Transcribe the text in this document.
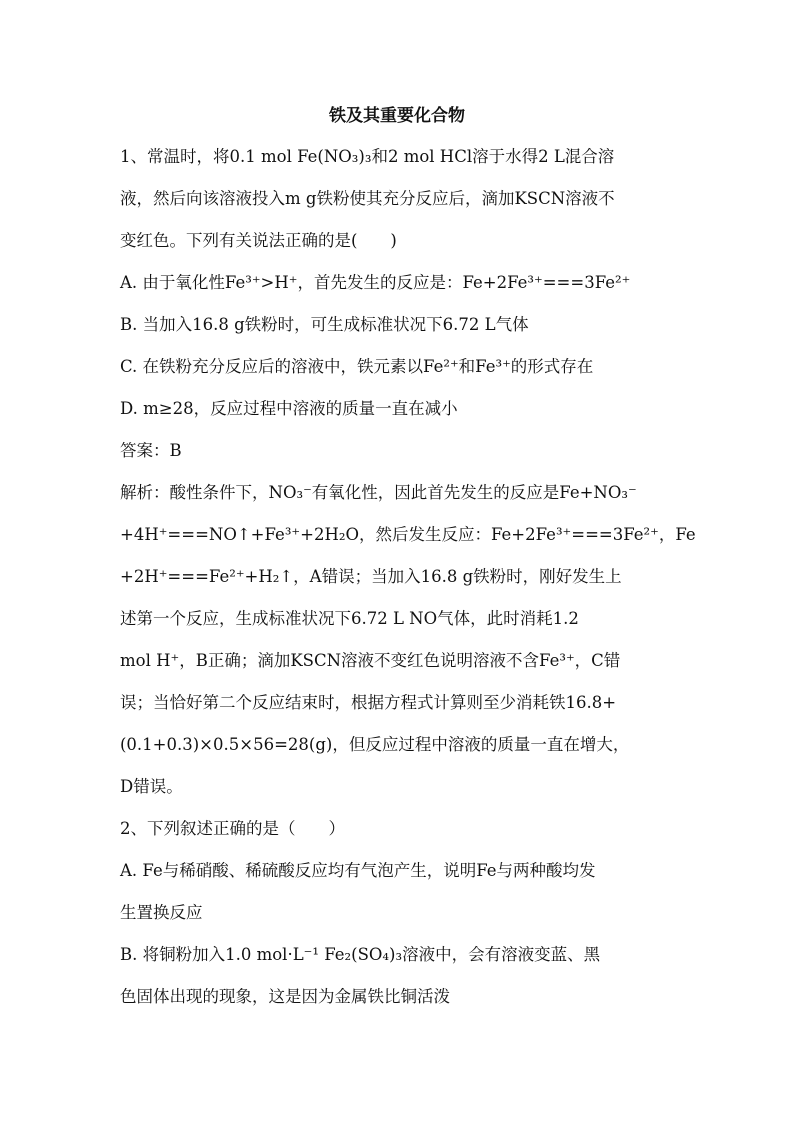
铁及其重要化合物
1、常温时，将0.1 mol Fe(NO₃)₃和2 mol HCl溶于水得2 L混合溶
液，然后向该溶液投入m g铁粉使其充分反应后，滴加KSCN溶液不
变红色。下列有关说法正确的是(　　)
A. 由于氧化性Fe³⁺>H⁺，首先发生的反应是：Fe+2Fe³⁺===3Fe²⁺
B. 当加入16.8 g铁粉时，可生成标准状况下6.72 L气体
C. 在铁粉充分反应后的溶液中，铁元素以Fe²⁺和Fe³⁺的形式存在
D. m≥28，反应过程中溶液的质量一直在减小
答案：B
解析：酸性条件下，NO₃⁻有氧化性，因此首先发生的反应是Fe+NO₃⁻
+4H⁺===NO↑+Fe³⁺+2H₂O，然后发生反应：Fe+2Fe³⁺===3Fe²⁺，Fe
+2H⁺===Fe²⁺+H₂↑，A错误；当加入16.8 g铁粉时，刚好发生上
述第一个反应，生成标准状况下6.72 L NO气体，此时消耗1.2
mol H⁺，B正确；滴加KSCN溶液不变红色说明溶液不含Fe³⁺，C错
误；当恰好第二个反应结束时，根据方程式计算则至少消耗铁16.8+
(0.1+0.3)×0.5×56=28(g)，但反应过程中溶液的质量一直在增大，
D错误。
2、下列叙述正确的是（　　）
A. Fe与稀硝酸、稀硫酸反应均有气泡产生，说明Fe与两种酸均发
生置换反应
B. 将铜粉加入1.0 mol·L⁻¹ Fe₂(SO₄)₃溶液中，会有溶液变蓝、黑
色固体出现的现象，这是因为金属铁比铜活泼
